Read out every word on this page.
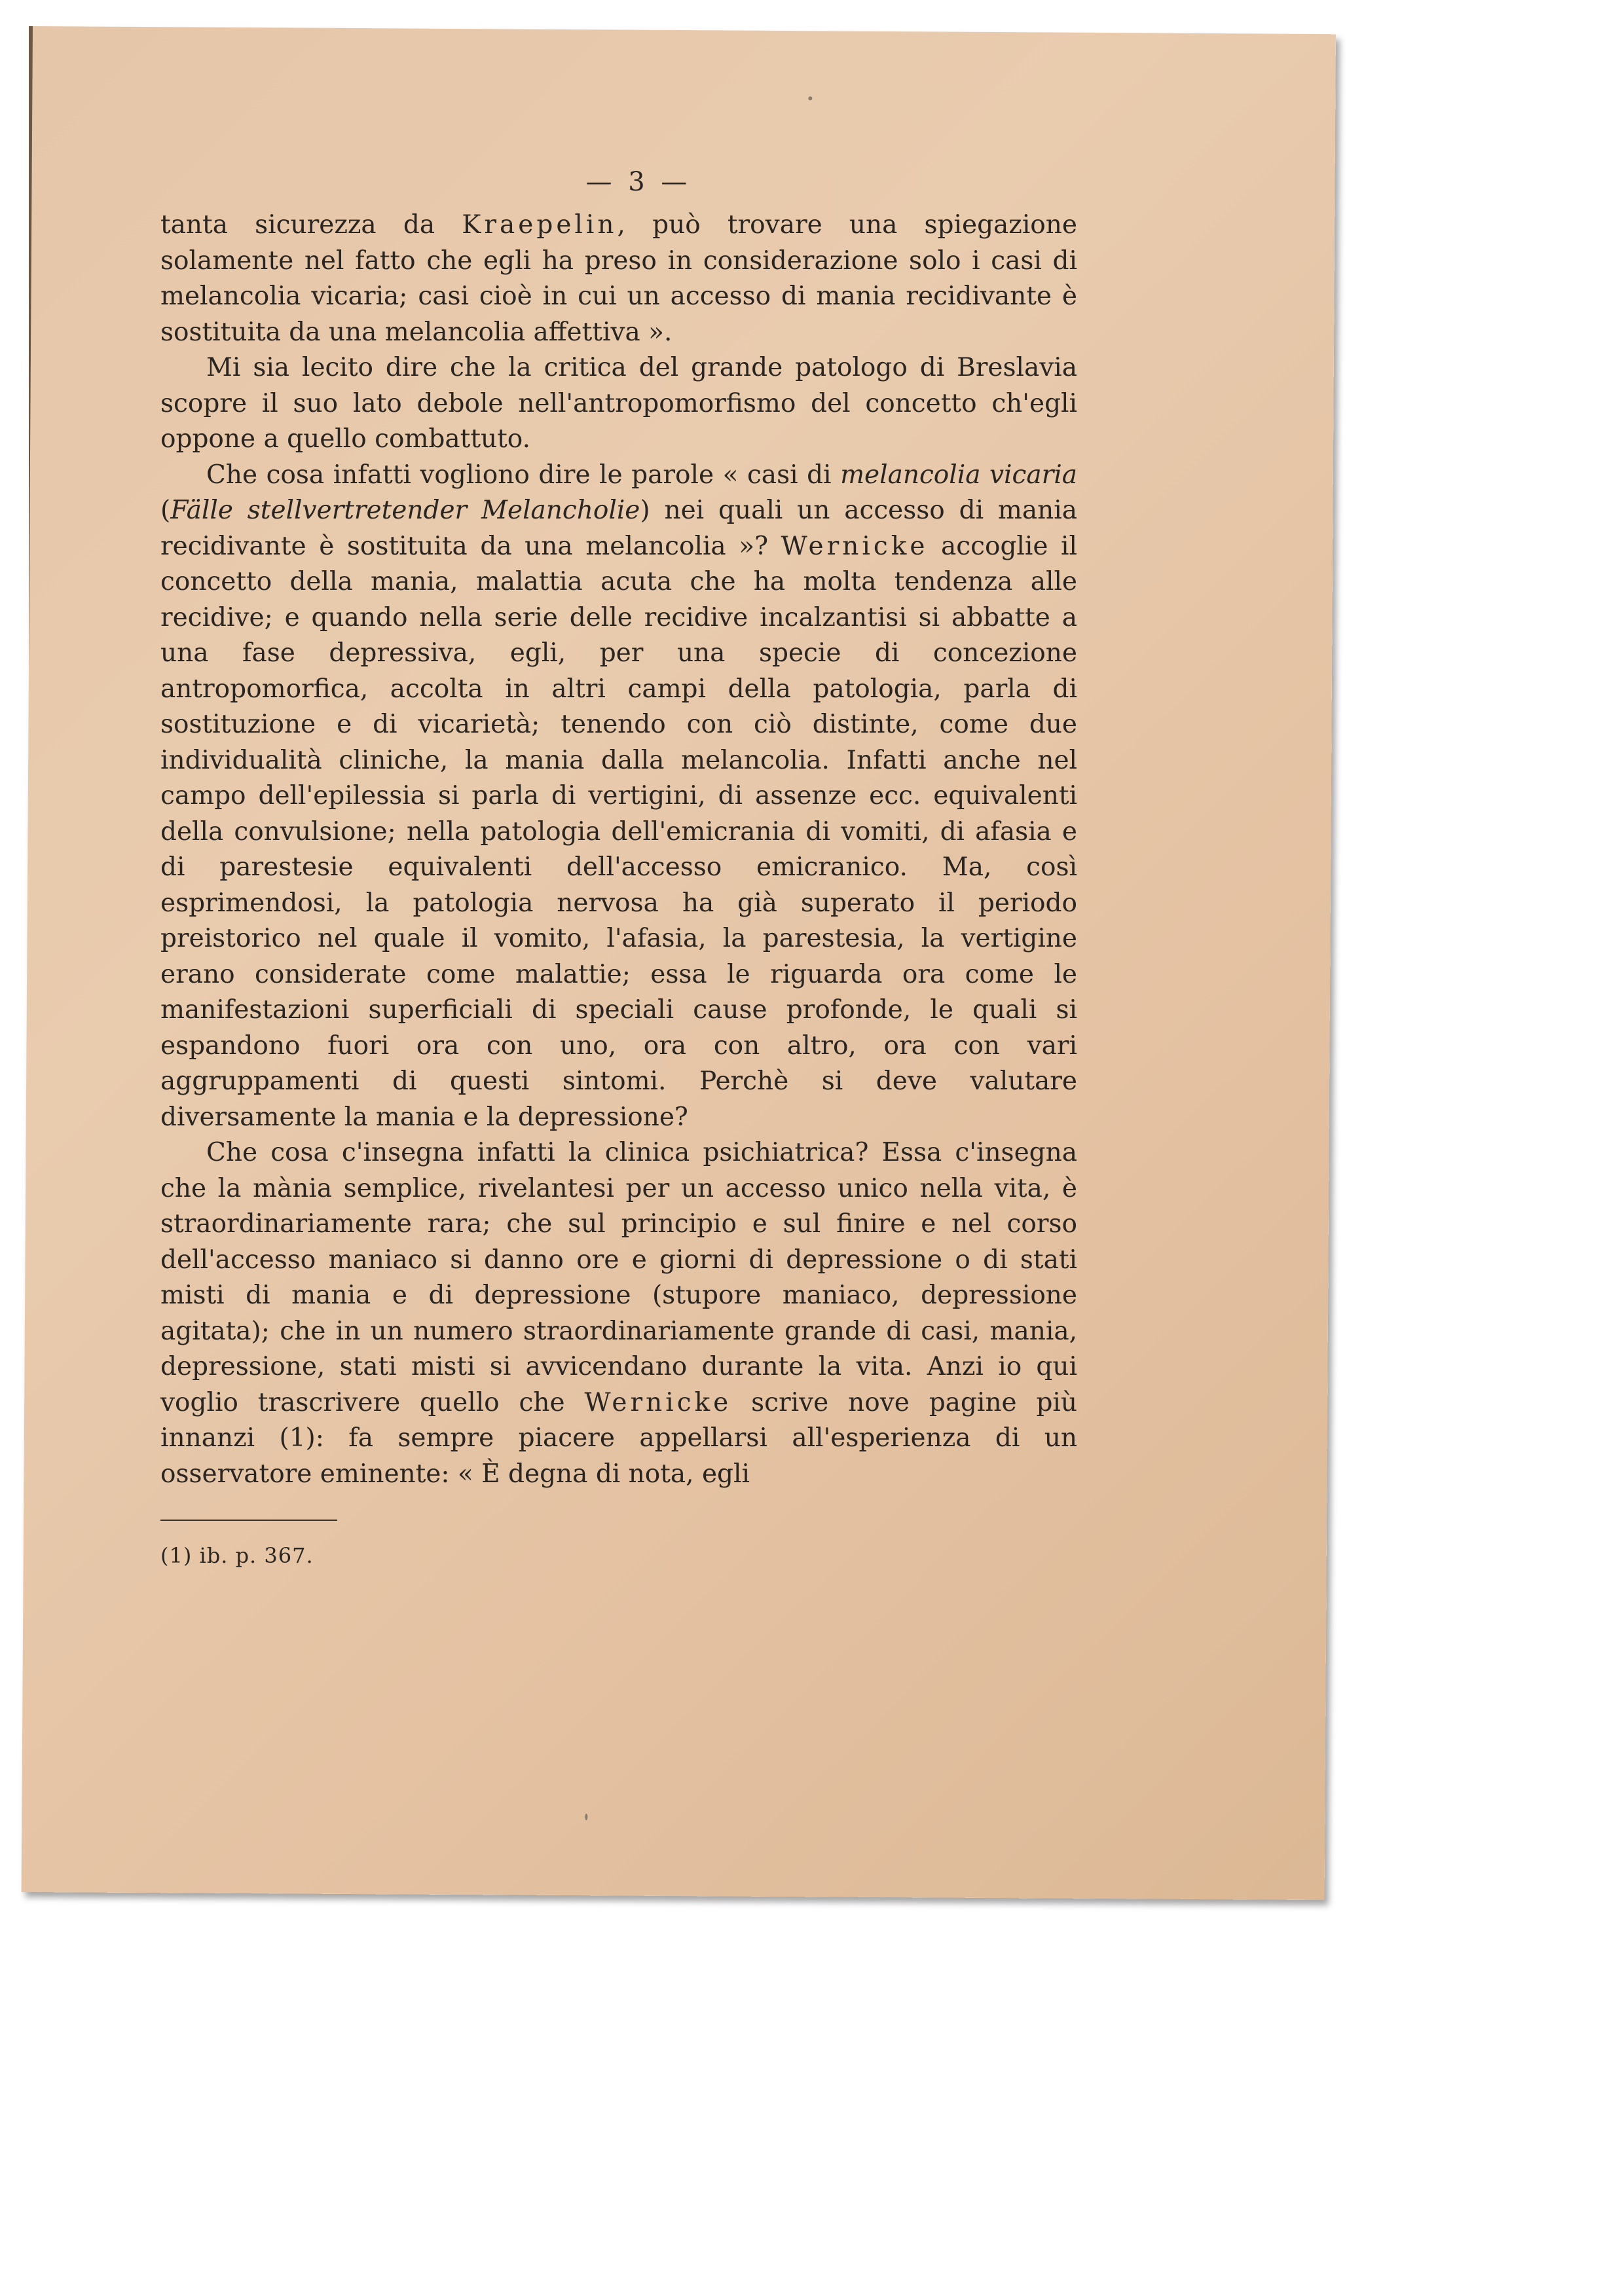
— 3 —

tanta sicurezza da Kraepelin, può trovare una spiegazione solamente nel fatto che egli ha preso in considerazione solo i casi di melancolia vicaria; casi cioè in cui un accesso di mania recidivante è sostituita da una melancolia affettiva ».

Mi sia lecito dire che la critica del grande patologo di Breslavia scopre il suo lato debole nell'antropomorfismo del concetto ch'egli oppone a quello combattuto.

Che cosa infatti vogliono dire le parole « casi di melancolia vicaria (Fälle stellvertretender Melancholie) nei quali un accesso di mania recidivante è sostituita da una melancolia »? Wernicke accoglie il concetto della mania, malattia acuta che ha molta tendenza alle recidive; e quando nella serie delle recidive incalzantisi si abbatte a una fase depressiva, egli, per una specie di concezione antropomorfica, accolta in altri campi della patologia, parla di sostituzione e di vicarietà; tenendo con ciò distinte, come due individualità cliniche, la mania dalla melancolia. Infatti anche nel campo dell'epilessia si parla di vertigini, di assenze ecc. equivalenti della convulsione; nella patologia dell'emicrania di vomiti, di afasia e di parestesie equivalenti dell'accesso emicranico. Ma, così esprimendosi, la patologia nervosa ha già superato il periodo preistorico nel quale il vomito, l'afasia, la parestesia, la vertigine erano considerate come malattie; essa le riguarda ora come le manifestazioni superficiali di speciali cause profonde, le quali si espandono fuori ora con uno, ora con altro, ora con vari aggruppamenti di questi sintomi. Perchè si deve valutare diversamente la mania e la depressione?

Che cosa c'insegna infatti la clinica psichiatrica? Essa c'insegna che la mània semplice, rivelantesi per un accesso unico nella vita, è straordinariamente rara; che sul principio e sul finire e nel corso dell'accesso maniaco si danno ore e giorni di depressione o di stati misti di mania e di depressione (stupore maniaco, depressione agitata); che in un numero straordinariamente grande di casi, mania, depressione, stati misti si avvicendano durante la vita. Anzi io qui voglio trascrivere quello che Wernicke scrive nove pagine più innanzi (1): fa sempre piacere appellarsi all'esperienza di un osservatore eminente: « È degna di nota, egli

(1) ib. p. 367.
